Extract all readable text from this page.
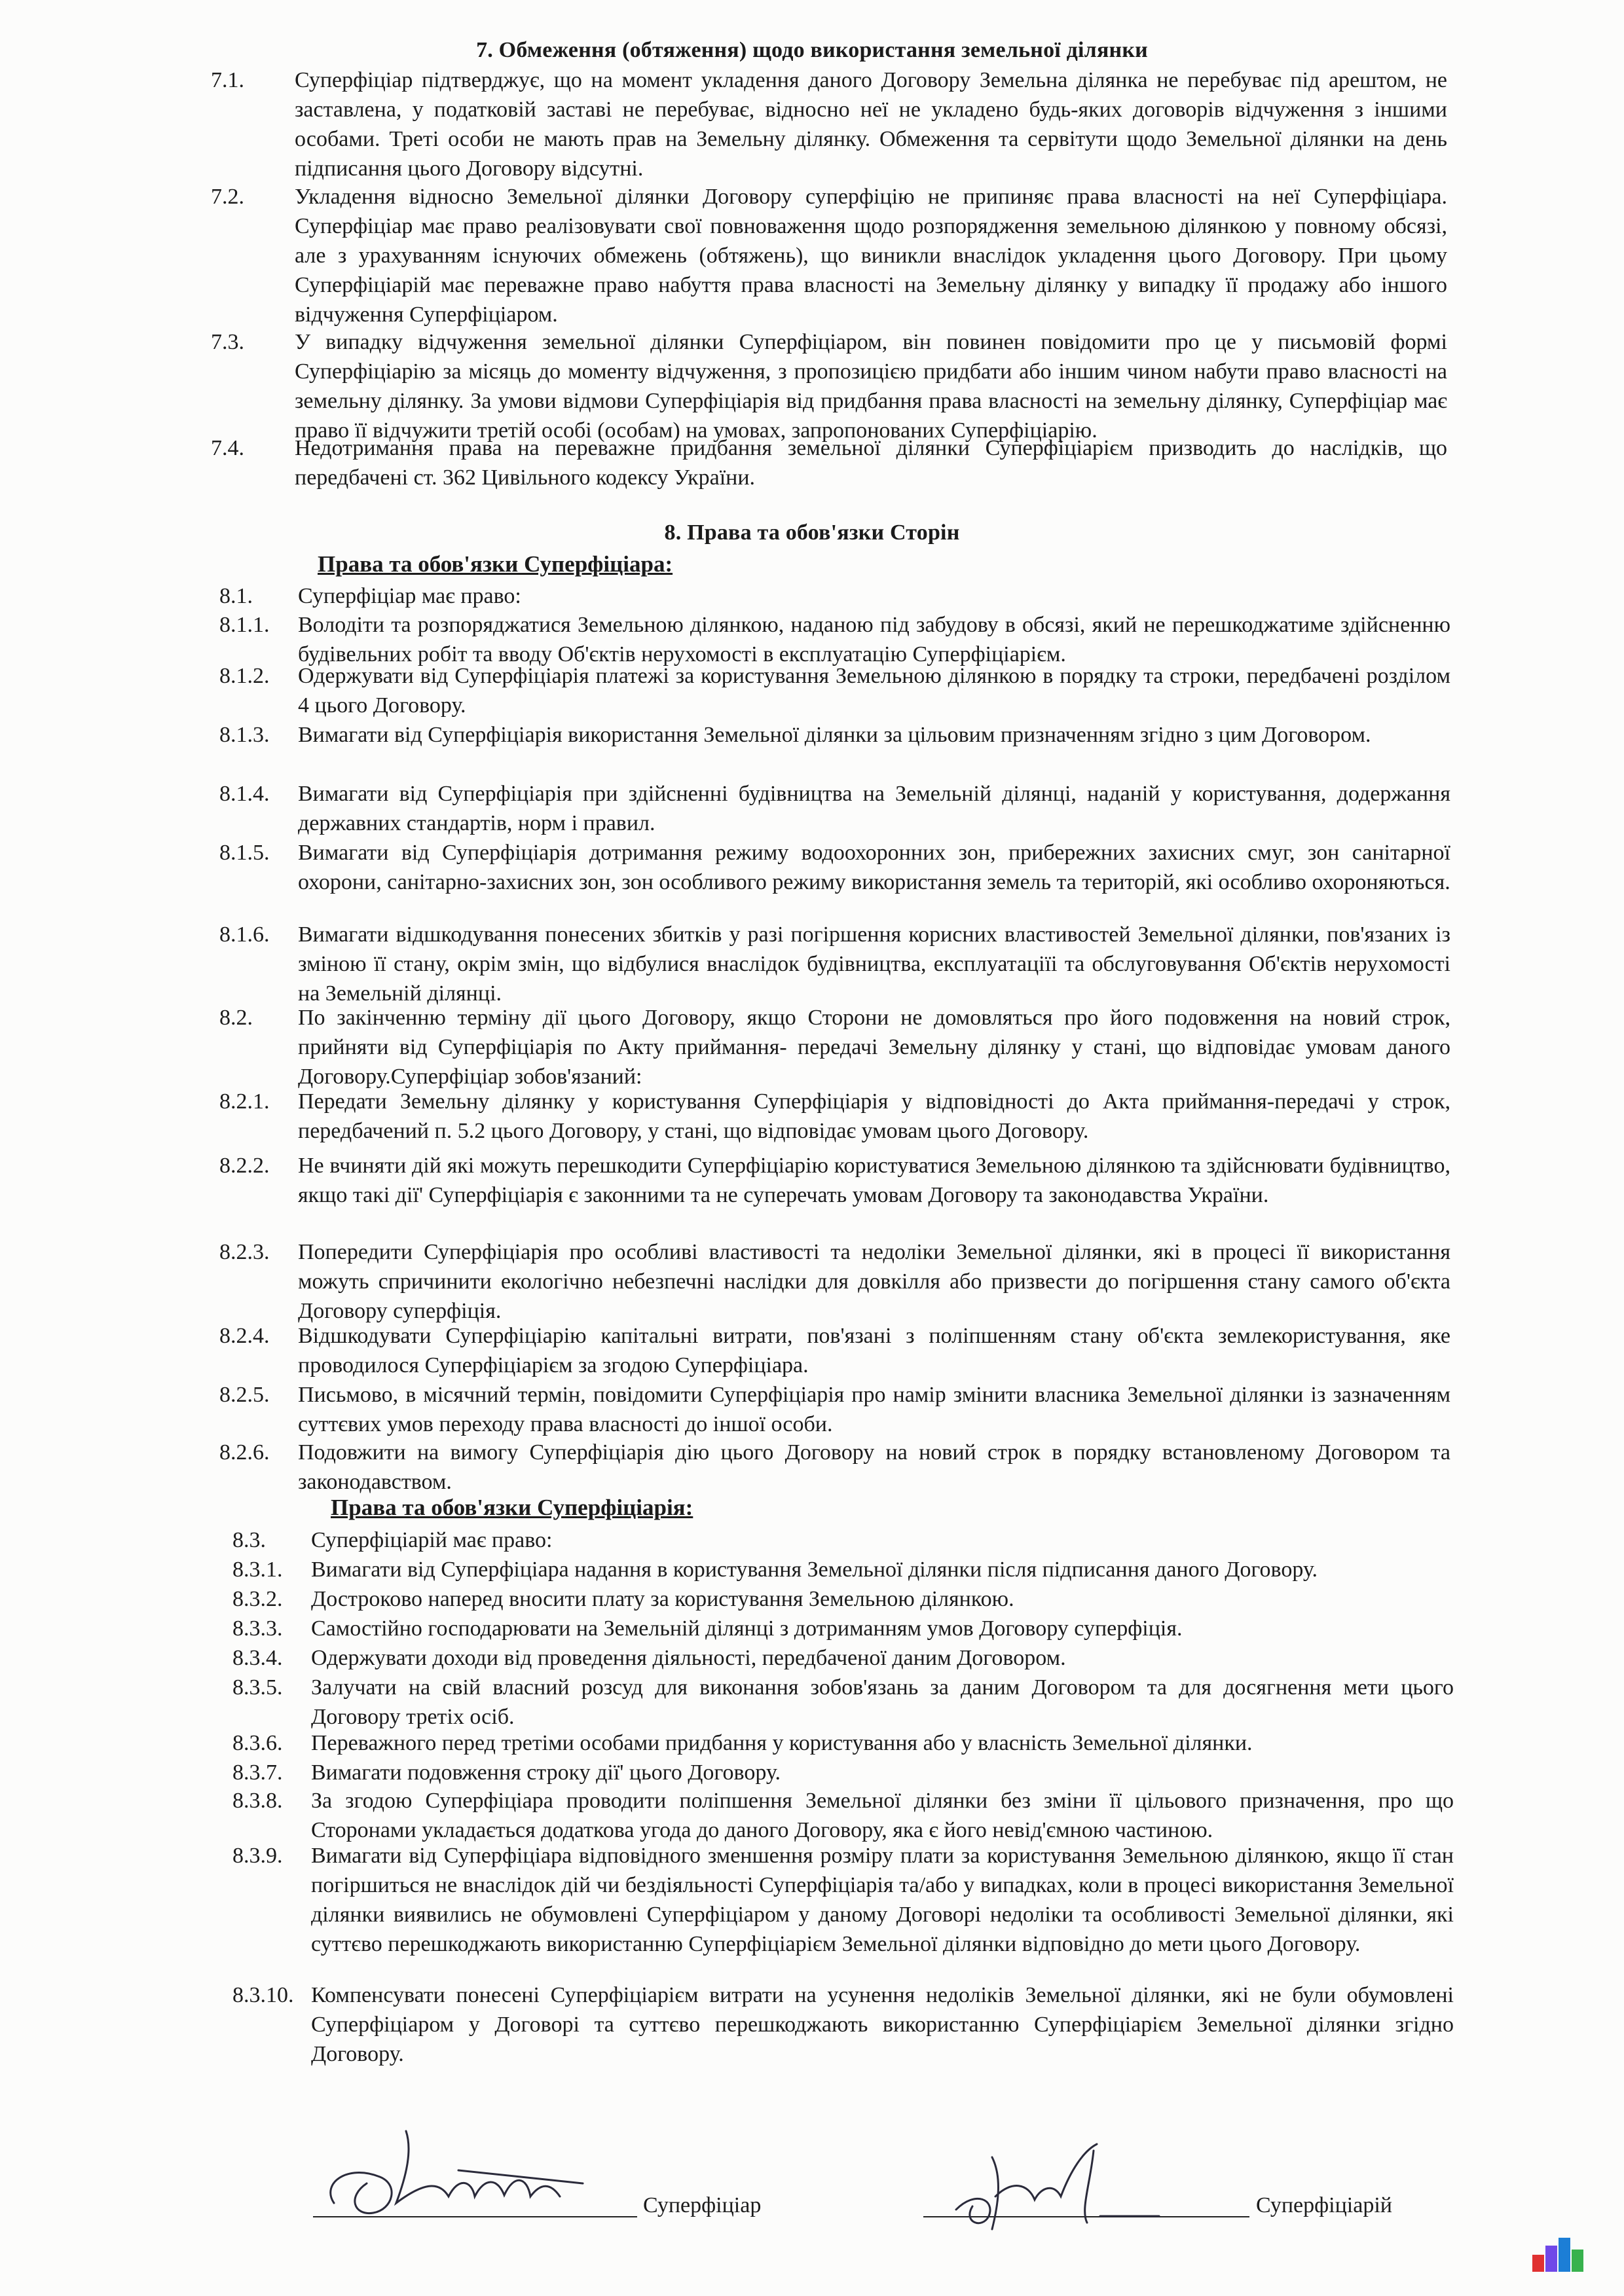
7. Обмеження (обтяження) щодо використання земельної ділянки
7.1.	Суперфіціар підтверджує, що на момент укладення даного Договору Земельна ділянка не перебуває під арештом, не заставлена, у податковій заставі не перебуває, відносно неї не укладено будь-яких договорів відчуження з іншими особами. Треті особи не мають прав на Земельну ділянку. Обмеження та сервітути щодо Земельної ділянки на день підписання цього Договору відсутні.
7.2.	Укладення відносно Земельної ділянки Договору суперфіцію не припиняє права власності на неї Суперфіціара. Суперфіціар має право реалізовувати свої повноваження щодо розпорядження земельною ділянкою у повному обсязі, але з урахуванням існуючих обмежень (обтяжень), що виникли внаслідок укладення цього Договору. При цьому Суперфіціарій має переважне право набуття права власності на Земельну ділянку у випадку її продажу або іншого відчуження Суперфіціаром.
7.3.	У випадку відчуження земельної ділянки Суперфіціаром, він повинен повідомити про це у письмовій формі Суперфіціарію за місяць до моменту відчуження, з пропозицією придбати або іншим чином набути право власності на земельну ділянку. За умови відмови Суперфіціарія від придбання права власності на земельну ділянку, Суперфіціар має право її відчужити третій особі (особам) на умовах, запропонованих Суперфіціарію.
7.4.	Недотримання права на переважне придбання земельної ділянки Суперфіціарієм призводить до наслідків, що передбачені ст. 362 Цивільного кодексу України.
8. Права та обов'язки Сторін
Права та обов'язки Суперфіціара:
8.1.	Суперфіціар має право:
8.1.1.	Володіти та розпоряджатися Земельною ділянкою, наданою під забудову в обсязі, який не перешкоджатиме здійсненню будівельних робіт та вводу Об'єктів нерухомості в експлуатацію Суперфіціарієм.
8.1.2.	Одержувати від Суперфіціарія платежі за користування Земельною ділянкою в порядку та строки, передбачені розділом 4 цього Договору.
8.1.3.	Вимагати від Суперфіціарія використання Земельної ділянки за цільовим призначенням згідно з цим Договором.
8.1.4.	Вимагати від Суперфіціарія при здійсненні будівництва на Земельній ділянці, наданій у користування, додержання державних стандартів, норм і правил.
8.1.5.	Вимагати від Суперфіціарія дотримання режиму водоохоронних зон, прибережних захисних смуг, зон санітарної охорони, санітарно-захисних зон, зон особливого режиму використання земель та територій, які особливо охороняються.
8.1.6.	Вимагати відшкодування понесених збитків у разі погіршення корисних властивостей Земельної ділянки, пов'язаних із зміною її стану, окрім змін, що відбулися внаслідок будівництва, експлуатаціїі та обслуговування Об'єктів нерухомості на Земельній ділянці.
8.2.	По закінченню терміну дії цього Договору, якщо Сторони не домовляться про його подовження на новий строк, прийняти від Суперфіціарія по Акту приймання- передачі Земельну ділянку у стані, що відповідає умовам даного Договору.Суперфіціар зобов'язаний:
8.2.1.	Передати Земельну ділянку у користування Суперфіціарія у відповідності до Акта приймання-передачі у строк, передбачений п. 5.2 цього Договору, у стані, що відповідає умовам цього Договору.
8.2.2.	Не вчиняти дій які можуть перешкодити Суперфіціарію користуватися Земельною ділянкою та здійснювати будівництво, якщо такі дії' Суперфіціарія є законними та не суперечать умовам Договору та законодавства України.
8.2.3.	Попередити Суперфіціарія про особливі властивості та недоліки Земельної ділянки, які в процесі її використання можуть спричинити екологічно небезпечні наслідки для довкілля або призвести до погіршення стану самого об'єкта Договору суперфіція.
8.2.4.	Відшкодувати Суперфіціарію капітальні витрати, пов'язані з поліпшенням стану об'єкта землекористування, яке проводилося Суперфіціарієм за згодою Суперфіціара.
8.2.5.	Письмово, в місячний термін, повідомити Суперфіціарія про намір змінити власника Земельної ділянки із зазначенням суттєвих умов переходу права власності до іншої особи.
8.2.6.	Подовжити на вимогу Суперфіціарія дію цього Договору на новий строк в порядку встановленому Договором та законодавством.
Права та обов'язки Суперфіціарія:
8.3.	Суперфіціарій має право:
8.3.1.	Вимагати від Суперфіціара надання в користування Земельної ділянки після підписання даного Договору.
8.3.2.	Достроково наперед вносити плату за користування Земельною ділянкою.
8.3.3.	Самостійно господарювати на Земельній ділянці з дотриманням умов Договору суперфіція.
8.3.4.	Одержувати доходи від проведення діяльності, передбаченої даним Договором.
8.3.5.	Залучати на свій власний розсуд для виконання зобов'язань за даним Договором та для досягнення мети цього Договору третіх осіб.
8.3.6.	Переважного перед третіми особами придбання у користування або у власність Земельної ділянки.
8.3.7.	Вимагати подовження строку дії' цього Договору.
8.3.8.	За згодою Суперфіціара проводити поліпшення Земельної ділянки без зміни її цільового призначення, про що Сторонами укладається додаткова угода до даного Договору, яка є його невід'ємною частиною.
8.3.9.	Вимагати від Суперфіціара відповідного зменшення розміру плати за користування Земельною ділянкою, якщо її стан погіршиться не внаслідок дій чи бездіяльності Суперфіціарія та/або у випадках, коли в процесі використання Земельної ділянки виявились не обумовлені Суперфіціаром у даному Договорі недоліки та особливості Земельної ділянки, які суттєво перешкоджають використанню Суперфіціарієм Земельної ділянки відповідно до мети цього Договору.
8.3.10. Компенсувати понесені Суперфіціарієм витрати на усунення недоліків Земельної ділянки, які не були обумовлені Суперфіціаром у Договорі та суттєво перешкоджають використанню Суперфіціарієм Земельної ділянки згідно Договору.
Суперфіціар	Суперфіціарій
